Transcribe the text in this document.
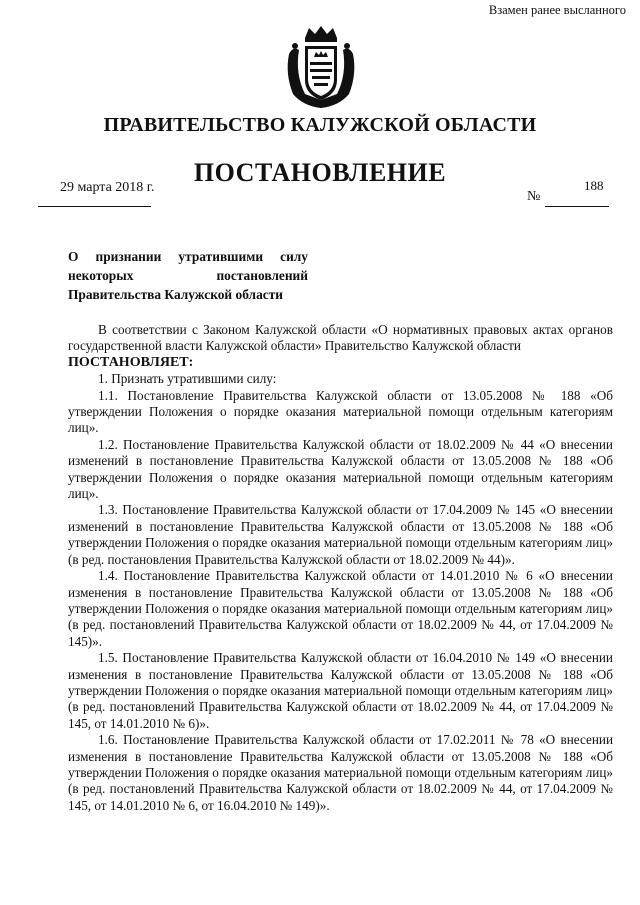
Взамен ранее высланного
ПРАВИТЕЛЬСТВО КАЛУЖСКОЙ ОБЛАСТИ
ПОСТАНОВЛЕНИЕ
29 марта 2018 г.
№
188
О признании утратившими силу
некоторых постановлений
Правительства Калужской области

В соответствии с Законом Калужской области «О нормативных правовых актах органов государственной власти Калужской области» Правительство Калужской области

ПОСТАНОВЛЯЕТ:

1. Признать утратившими силу:

1.1. Постановление Правительства Калужской области от 13.05.2008 № 188 «Об утверждении Положения о порядке оказания материальной помощи отдельным категориям лиц».

1.2. Постановление Правительства Калужской области от 18.02.2009 № 44 «О внесении изменений в постановление Правительства Калужской области от 13.05.2008 № 188 «Об утверждении Положения о порядке оказания материальной помощи отдельным категориям лиц».

1.3. Постановление Правительства Калужской области от 17.04.2009 № 145 «О внесении изменений в постановление Правительства Калужской области от 13.05.2008 № 188 «Об утверждении Положения о порядке оказания материальной помощи отдельным категориям лиц» (в ред. постановления Правительства Калужской области от 18.02.2009 № 44)».

1.4. Постановление Правительства Калужской области от 14.01.2010 № 6 «О внесении изменения в постановление Правительства Калужской области от 13.05.2008 № 188 «Об утверждении Положения о порядке оказания материальной помощи отдельным категориям лиц» (в ред. постановлений Правительства Калужской области от 18.02.2009 № 44, от 17.04.2009 № 145)».

1.5. Постановление Правительства Калужской области от 16.04.2010 № 149 «О внесении изменения в постановление Правительства Калужской области от 13.05.2008 № 188 «Об утверждении Положения о порядке оказания материальной помощи отдельным категориям лиц» (в ред. постановлений Правительства Калужской области от 18.02.2009 № 44, от 17.04.2009 № 145, от 14.01.2010 № 6)».

1.6. Постановление Правительства Калужской области от 17.02.2011 № 78 «О внесении изменения в постановление Правительства Калужской области от 13.05.2008 № 188 «Об утверждении Положения о порядке оказания материальной помощи отдельным категориям лиц» (в ред. постановлений Правительства Калужской области от 18.02.2009 № 44, от 17.04.2009 № 145, от 14.01.2010 № 6, от 16.04.2010 № 149)».
